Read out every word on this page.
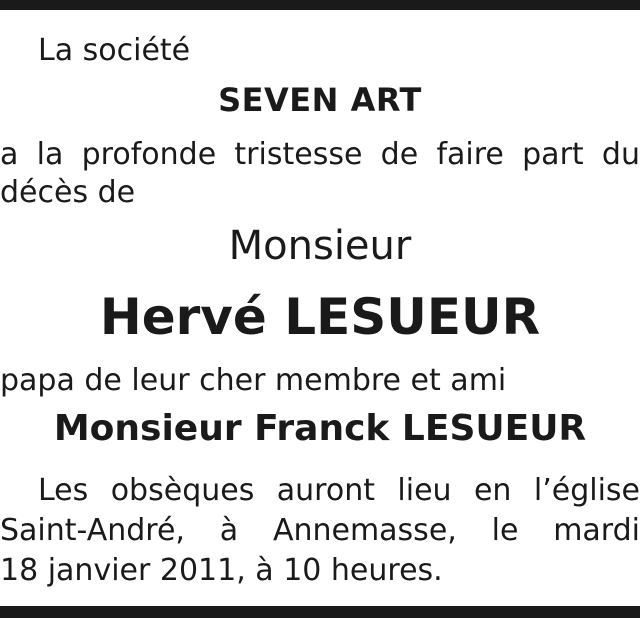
La société
SEVEN ART
a la profonde tristesse de faire part du
décès de
Monsieur
Hervé LESUEUR
papa de leur cher membre et ami
Monsieur Franck LESUEUR
Les obsèques auront lieu en l’église
Saint-André, à Annemasse, le mardi
18 janvier 2011, à 10 heures.
